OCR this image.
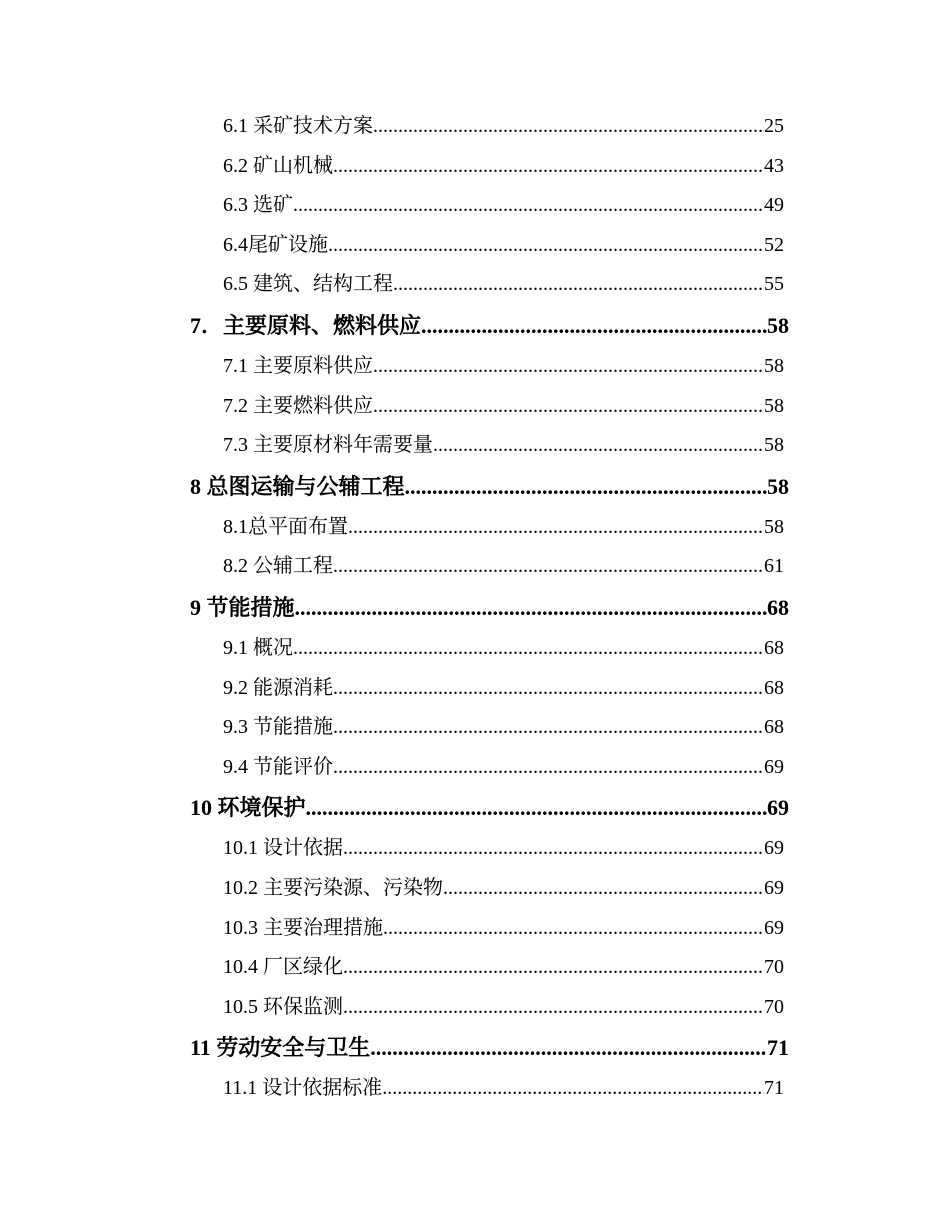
6.1 采矿技术方案 .....	25
6.2 矿山机械 .....	43
6.3 选矿 .....	49
6.4尾矿设施 .....	52
6.5 建筑、结构工程 .....	55
7．主要原料、燃料供应 .....	58
7.1 主要原料供应 .....	58
7.2 主要燃料供应 .....	58
7.3 主要原材料年需要量 .....	58
8 总图运输与公辅工程 .....	58
8.1总平面布置 .....	58
8.2 公辅工程 .....	61
9 节能措施 .....	68
9.1 概况 .....	68
9.2 能源消耗 .....	68
9.3 节能措施 .....	68
9.4 节能评价 .....	69
10 环境保护 .....	69
10.1 设计依据 .....	69
10.2 主要污染源、污染物 .....	69
10.3 主要治理措施 .....	69
10.4 厂区绿化 .....	70
10.5 环保监测 .....	70
11 劳动安全与卫生 .....	71
11.1 设计依据标准 .....	71
